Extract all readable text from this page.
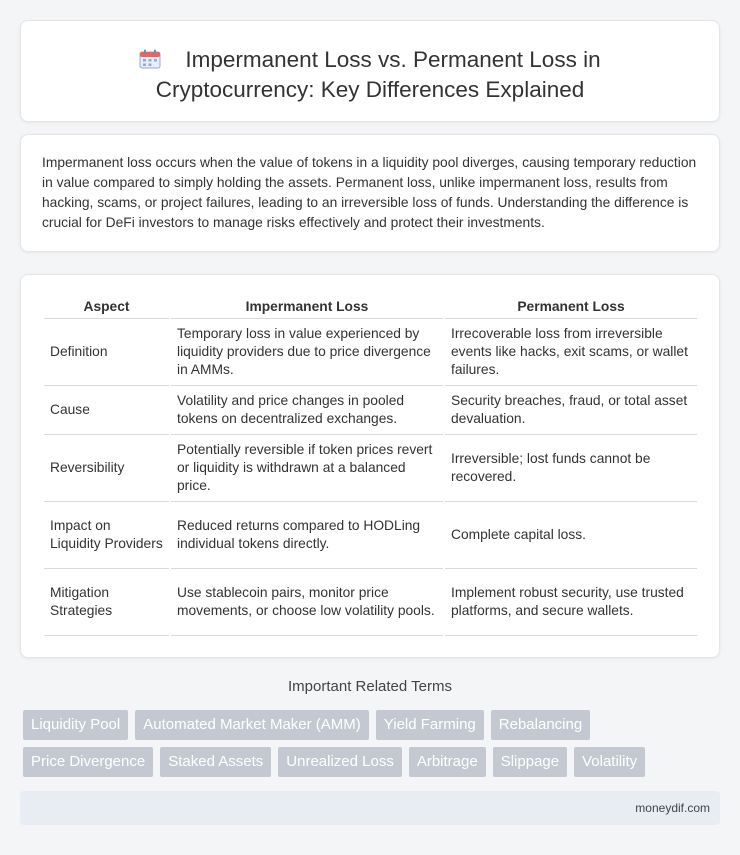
Impermanent Loss vs. Permanent Loss in
Cryptocurrency: Key Differences Explained

Impermanent loss occurs when the value of tokens in a liquidity pool diverges, causing temporary reduction in value compared to simply holding the assets. Permanent loss, unlike impermanent loss, results from hacking, scams, or project failures, leading to an irreversible loss of funds. Understanding the difference is crucial for DeFi investors to manage risks effectively and protect their investments.

Aspect	Impermanent Loss	Permanent Loss
Definition	Temporary loss in value experienced by liquidity providers due to price divergence in AMMs.	Irrecoverable loss from irreversible events like hacks, exit scams, or wallet failures.
Cause	Volatility and price changes in pooled tokens on decentralized exchanges.	Security breaches, fraud, or total asset devaluation.
Reversibility	Potentially reversible if token prices revert or liquidity is withdrawn at a balanced price.	Irreversible; lost funds cannot be recovered.
Impact on Liquidity Providers	Reduced returns compared to HODLing individual tokens directly.	Complete capital loss.
Mitigation Strategies	Use stablecoin pairs, monitor price movements, or choose low volatility pools.	Implement robust security, use trusted platforms, and secure wallets.
Important Related Terms
Liquidity Pool	Automated Market Maker (AMM)	Yield Farming	Rebalancing
Price Divergence	Staked Assets	Unrealized Loss	Arbitrage	Slippage	Volatility
moneydif.com
